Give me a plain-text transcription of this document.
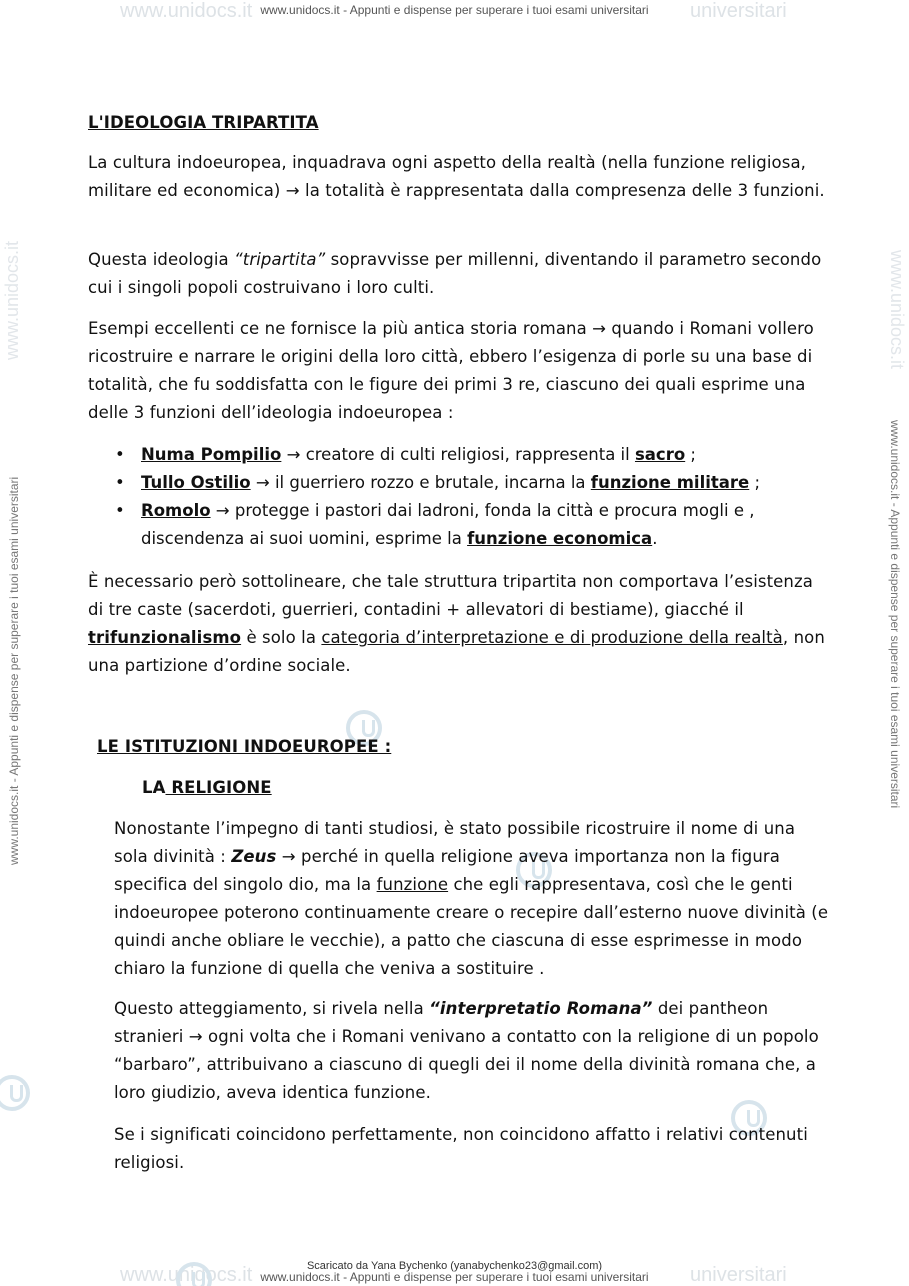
www.unidocs.it	universitari
www.unidocs.it	universitari
www.unidocs.it	www.unidocs.it
www.unidocs.it - Appunti e dispense per superare i tuoi esami universitari
www.unidocs.it - Appunti e dispense per superare i tuoi esami universitari
www.unidocs.it - Appunti e dispense per superare i tuoi esami universitari	www.unidocs.it - Appunti e dispense per superare i tuoi esami universitari
L'IDEOLOGIA TRIPARTITA
La cultura indoeuropea, inquadrava ogni aspetto della realtà (nella funzione religiosa, militare ed economica) → la totalità è rappresentata dalla compresenza delle 3 funzioni.
Questa ideologia “tripartita” sopravvisse per millenni, diventando il parametro secondo cui i singoli popoli costruivano i loro culti.
Esempi eccellenti ce ne fornisce la più antica storia romana → quando i Romani vollero ricostruire e narrare le origini della loro città, ebbero l’esigenza di porle su una base di totalità, che fu soddisfatta con le figure dei primi 3 re, ciascuno dei quali esprime una delle 3 funzioni dell’ideologia indoeuropea :
• Numa Pompilio → creatore di culti religiosi, rappresenta il sacro ;
• Tullo Ostilio → il guerriero rozzo e brutale, incarna la funzione militare ;
• Romolo → protegge i pastori dai ladroni, fonda la città e procura mogli e , discendenza ai suoi uomini, esprime la funzione economica.
È necessario però sottolineare, che tale struttura tripartita non comportava l’esistenza di tre caste (sacerdoti, guerrieri, contadini + allevatori di bestiame), giacché il trifunzionalismo è solo la categoria d’interpretazione e di produzione della realtà, non una partizione d’ordine sociale.
LE ISTITUZIONI INDOEUROPEE :
LA RELIGIONE
Nonostante l’impegno di tanti studiosi, è stato possibile ricostruire il nome di una sola divinità : Zeus → perché in quella religione aveva importanza non la figura specifica del singolo dio, ma la funzione che egli rappresentava, così che le genti indoeuropee poterono continuamente creare o recepire dall’esterno nuove divinità (e quindi anche obliare le vecchie), a patto che ciascuna di esse esprimesse in modo chiaro la funzione di quella che veniva a sostituire .
Questo atteggiamento, si rivela nella “interpretatio Romana” dei pantheon stranieri → ogni volta che i Romani venivano a contatto con la religione di un popolo “barbaro”, attribuivano a ciascuno di quegli dei il nome della divinità romana che, a loro giudizio, aveva identica funzione.
Se i significati coincidono perfettamente, non coincidono affatto i relativi contenuti religiosi.
Scaricato da Yana Bychenko (yanabychenko23@gmail.com)
